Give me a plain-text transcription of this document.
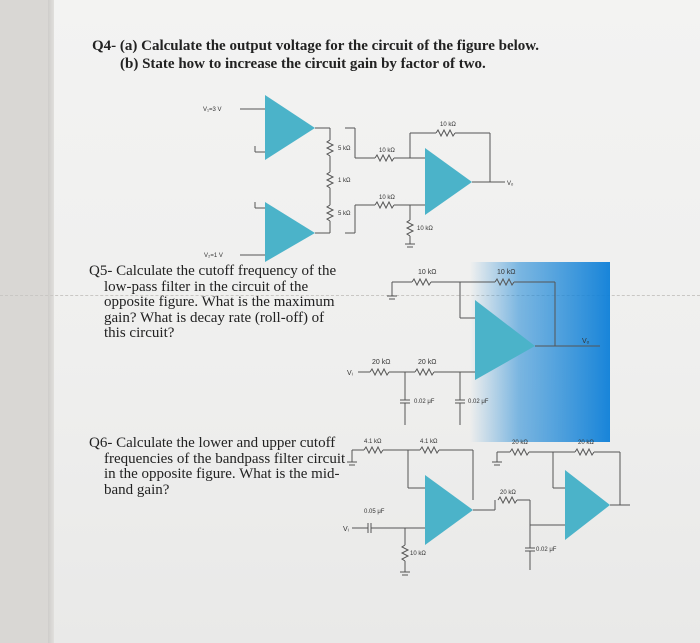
Q4- (a) Calculate the output voltage for the circuit of the figure below.
(b) State how to increase the circuit gain by factor of two.
Q5- Calculate the cutoff frequency of the
low-pass filter in the circuit of the
opposite figure. What is the maximum
gain? What is decay rate (roll-off) of
this circuit?
Q6- Calculate the lower and upper cutoff
frequencies of the bandpass filter circuit
in the opposite figure. What is the mid-
band gain?
V₁=3 V
V₂=1 V
5 kΩ
1 kΩ
5 kΩ
10 kΩ
10 kΩ
10 kΩ
10 kΩ
Vₒ
10 kΩ	10 kΩ
20 kΩ	20 kΩ
0.02 μF	0.02 μF
Vᵢ
Vₒ
4.1 kΩ	4.1 kΩ
0.05 μF
10 kΩ
20 kΩ	20 kΩ
20 kΩ
0.02 μF
Vᵢ
